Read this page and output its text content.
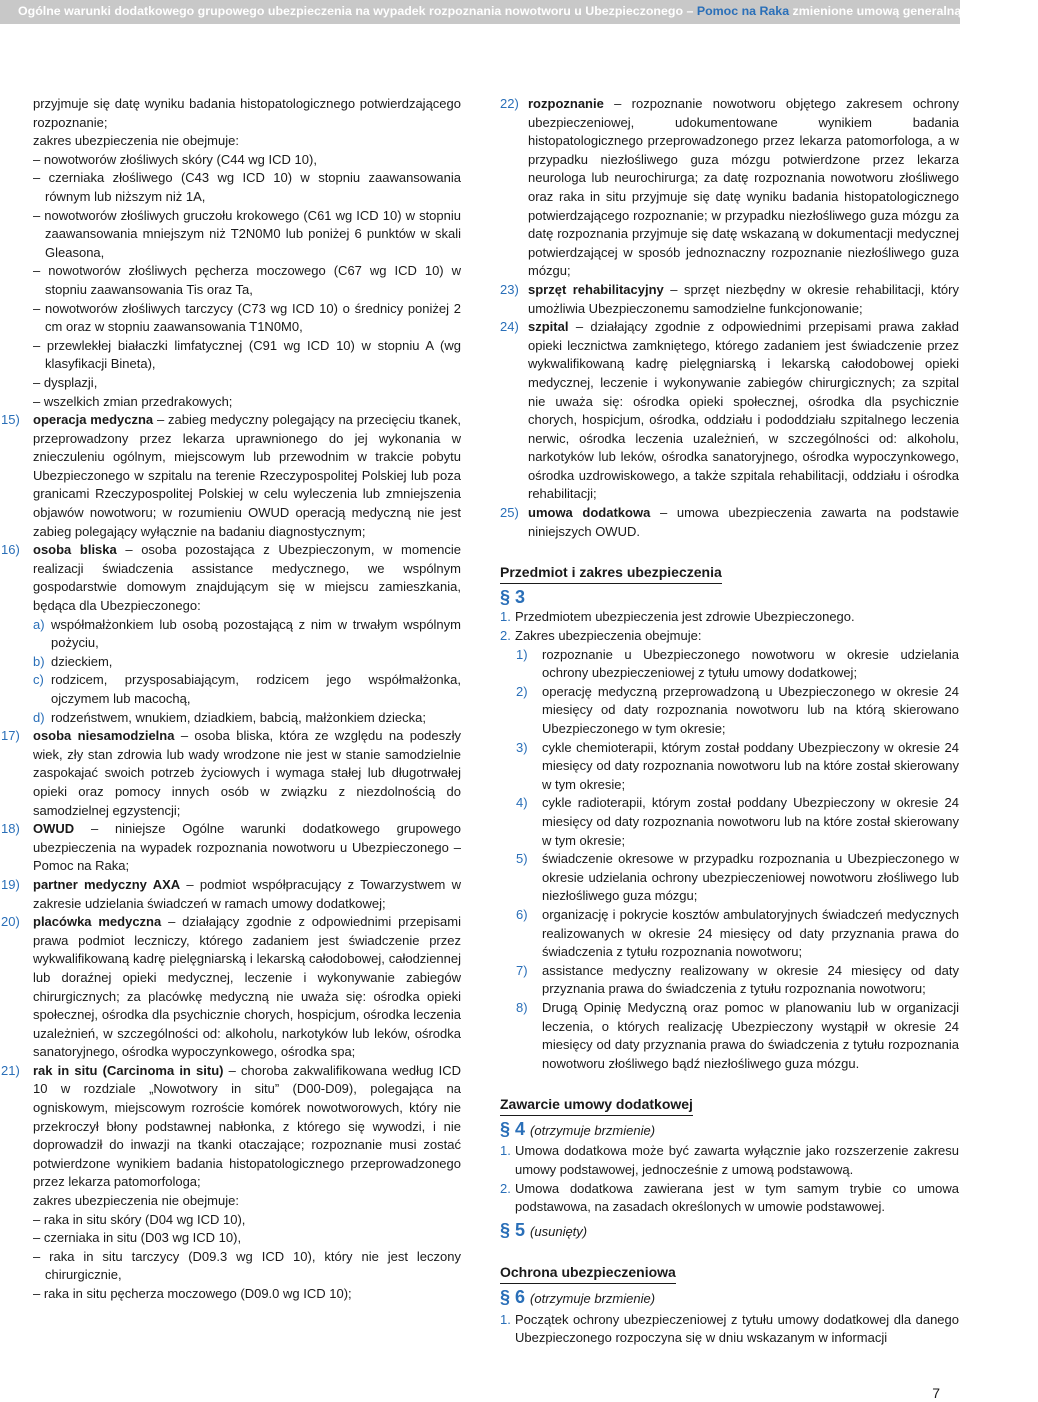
Ogólne warunki dodatkowego grupowego ubezpieczenia na wypadek rozpoznania nowotworu u Ubezpieczonego – Pomoc na Raka zmienione umową generalną Pakiety GSU

przyjmuje się datę wyniku badania histopatologicznego potwierdzającego rozpoznanie;

zakres ubezpieczenia nie obejmuje:

– nowotworów złośliwych skóry (C44 wg ICD 10),

– czerniaka złośliwego (C43 wg ICD 10) w stopniu zaawansowania równym lub niższym niż 1A,

– nowotworów złośliwych gruczołu krokowego (C61 wg ICD 10) w stopniu zaawansowania mniejszym niż T2N0M0 lub poniżej 6 punktów w skali Gleasona,

– nowotworów złośliwych pęcherza moczowego (C67 wg ICD 10) w stopniu zaawansowania Tis oraz Ta,

– nowotworów złośliwych tarczycy (C73 wg ICD 10) o średnicy poniżej 2 cm oraz w stopniu zaawansowania T1N0M0,

– przewlekłej białaczki limfatycznej (C91 wg ICD 10) w stopniu A (wg klasyfikacji Bineta),

– dysplazji,

– wszelkich zmian przedrakowych;

15) operacja medyczna – zabieg medyczny polegający na przecięciu tkanek, przeprowadzony przez lekarza uprawnionego do jej wykonania w znieczuleniu ogólnym, miejscowym lub przewodnim w trakcie pobytu Ubezpieczonego w szpitalu na terenie Rzeczypospolitej Polskiej lub poza granicami Rzeczypospolitej Polskiej w celu wyleczenia lub zmniejszenia objawów nowotworu; w rozumieniu OWUD operacją medyczną nie jest zabieg polegający wyłącznie na badaniu diagnostycznym;

16) osoba bliska – osoba pozostająca z Ubezpieczonym, w momencie realizacji świadczenia assistance medycznego, we wspólnym gospodarstwie domowym znajdującym się w miejscu zamieszkania, będąca dla Ubezpieczonego:

a) współmałżonkiem lub osobą pozostającą z nim w trwałym wspólnym pożyciu,

b) dzieckiem,

c) rodzicem, przysposabiającym, rodzicem jego współmałżonka, ojczymem lub macochą,

d) rodzeństwem, wnukiem, dziadkiem, babcią, małżonkiem dziecka;

17) osoba niesamodzielna – osoba bliska, która ze względu na podeszły wiek, zły stan zdrowia lub wady wrodzone nie jest w stanie samodzielnie zaspokajać swoich potrzeb życiowych i wymaga stałej lub długotrwałej opieki oraz pomocy innych osób w związku z niezdolnością do samodzielnej egzystencji;

18) OWUD – niniejsze Ogólne warunki dodatkowego grupowego ubezpieczenia na wypadek rozpoznania nowotworu u Ubezpieczonego – Pomoc na Raka;

19) partner medyczny AXA – podmiot współpracujący z Towarzystwem w zakresie udzielania świadczeń w ramach umowy dodatkowej;

20) placówka medyczna – działający zgodnie z odpowiednimi przepisami prawa podmiot leczniczy, którego zadaniem jest świadczenie przez wykwalifikowaną kadrę pielęgniarską i lekarską całodobowej, całodziennej lub doraźnej opieki medycznej, leczenie i wykonywanie zabiegów chirurgicznych; za placówkę medyczną nie uważa się: ośrodka opieki społecznej, ośrodka dla psychicznie chorych, hospicjum, ośrodka leczenia uzależnień, w szczególności od: alkoholu, narkotyków lub leków, ośrodka sanatoryjnego, ośrodka wypoczynkowego, ośrodka spa;

21) rak in situ (Carcinoma in situ) – choroba zakwalifikowana według ICD 10 w rozdziale „Nowotwory in situ” (D00-D09), polegająca na ogniskowym, miejscowym rozroście komórek nowotworowych, który nie przekroczył błony podstawnej nabłonka, z którego się wywodzi, i nie doprowadził do inwazji na tkanki otaczające; rozpoznanie musi zostać potwierdzone wynikiem badania histopatologicznego przeprowadzonego przez lekarza patomorfologa;

zakres ubezpieczenia nie obejmuje:

– raka in situ skóry (D04 wg ICD 10),

– czerniaka in situ (D03 wg ICD 10),

– raka in situ tarczycy (D09.3 wg ICD 10), który nie jest leczony chirurgicznie,

– raka in situ pęcherza moczowego (D09.0 wg ICD 10);

22) rozpoznanie – rozpoznanie nowotworu objętego zakresem ochrony ubezpieczeniowej, udokumentowane wynikiem badania histopatologicznego przeprowadzonego przez lekarza patomorfologa, a w przypadku niezłośliwego guza mózgu potwierdzone przez lekarza neurologa lub neurochirurga; za datę rozpoznania nowotworu złośliwego oraz raka in situ przyjmuje się datę wyniku badania histopatologicznego potwierdzającego rozpoznanie; w przypadku niezłośliwego guza mózgu za datę rozpoznania przyjmuje się datę wskazaną w dokumentacji medycznej potwierdzającej w sposób jednoznaczny rozpoznanie niezłośliwego guza mózgu;

23) sprzęt rehabilitacyjny – sprzęt niezbędny w okresie rehabilitacji, który umożliwia Ubezpieczonemu samodzielne funkcjonowanie;

24) szpital – działający zgodnie z odpowiednimi przepisami prawa zakład opieki lecznictwa zamkniętego, którego zadaniem jest świadczenie przez wykwalifikowaną kadrę pielęgniarską i lekarską całodobowej opieki medycznej, leczenie i wykonywanie zabiegów chirurgicznych; za szpital nie uważa się: ośrodka opieki społecznej, ośrodka dla psychicznie chorych, hospicjum, ośrodka, oddziału i pododdziału szpitalnego leczenia nerwic, ośrodka leczenia uzależnień, w szczególności od: alkoholu, narkotyków lub leków, ośrodka sanatoryjnego, ośrodka wypoczynkowego, ośrodka uzdrowiskowego, a także szpitala rehabilitacji, oddziału i ośrodka rehabilitacji;

25) umowa dodatkowa – umowa ubezpieczenia zawarta na podstawie niniejszych OWUD.

Przedmiot i zakres ubezpieczenia
§ 3

1. Przedmiotem ubezpieczenia jest zdrowie Ubezpieczonego.

2. Zakres ubezpieczenia obejmuje:

1) rozpoznanie u Ubezpieczonego nowotworu w okresie udzielania ochrony ubezpieczeniowej z tytułu umowy dodatkowej;

2) operację medyczną przeprowadzoną u Ubezpieczonego w okresie 24 miesięcy od daty rozpoznania nowotworu lub na którą skierowano Ubezpieczonego w tym okresie;

3) cykle chemioterapii, którym został poddany Ubezpieczony w okresie 24 miesięcy od daty rozpoznania nowotworu lub na które został skierowany w tym okresie;

4) cykle radioterapii, którym został poddany Ubezpieczony w okresie 24 miesięcy od daty rozpoznania nowotworu lub na które został skierowany w tym okresie;

5) świadczenie okresowe w przypadku rozpoznania u Ubezpieczonego w okresie udzielania ochrony ubezpieczeniowej nowotworu złośliwego lub niezłośliwego guza mózgu;

6) organizację i pokrycie kosztów ambulatoryjnych świadczeń medycznych realizowanych w okresie 24 miesięcy od daty przyznania prawa do świadczenia z tytułu rozpoznania nowotworu;

7) assistance medyczny realizowany w okresie 24 miesięcy od daty przyznania prawa do świadczenia z tytułu rozpoznania nowotworu;

8) Drugą Opinię Medyczną oraz pomoc w planowaniu lub w organizacji leczenia, o których realizację Ubezpieczony wystąpił w okresie 24 miesięcy od daty przyznania prawa do świadczenia z tytułu rozpoznania nowotworu złośliwego bądź niezłośliwego guza mózgu.

Zawarcie umowy dodatkowej
§ 4 (otrzymuje brzmienie)

1. Umowa dodatkowa może być zawarta wyłącznie jako rozszerzenie zakresu umowy podstawowej, jednocześnie z umową podstawową.

2. Umowa dodatkowa zawierana jest w tym samym trybie co umowa podstawowa, na zasadach określonych w umowie podstawowej.

§ 5 (usunięty)
Ochrona ubezpieczeniowa
§ 6 (otrzymuje brzmienie)

1. Początek ochrony ubezpieczeniowej z tytułu umowy dodatkowej dla danego Ubezpieczonego rozpoczyna się w dniu wskazanym w informacji

7
